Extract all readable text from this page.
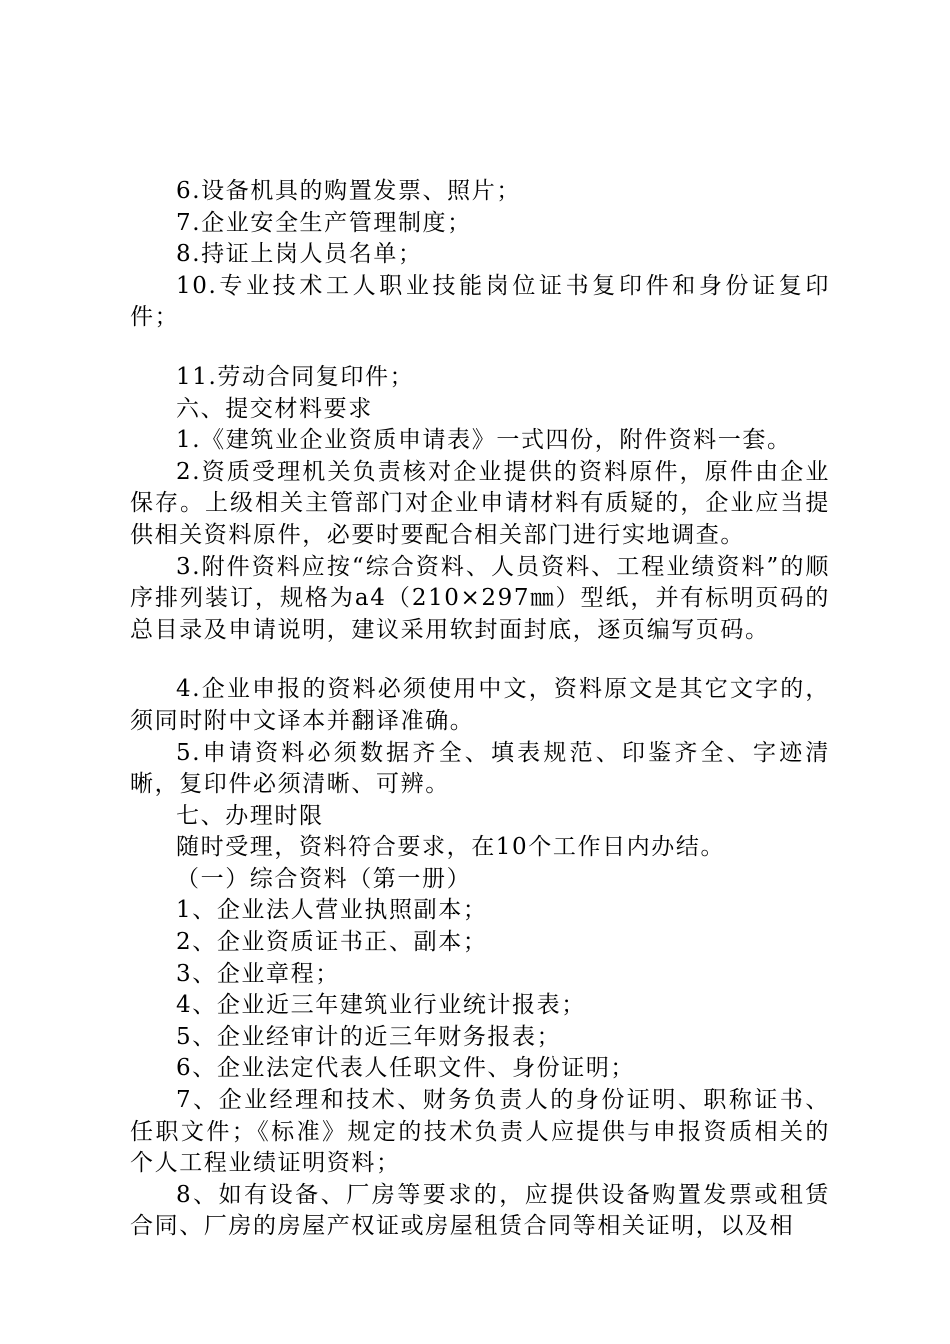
6.设备机具的购置发票、照片；

7.企业安全生产管理制度；

8.持证上岗人员名单；

10.专业技术工人职业技能岗位证书复印件和身份证复印件；

11.劳动合同复印件；

六、提交材料要求

1.《建筑业企业资质申请表》一式四份，附件资料一套。

2.资质受理机关负责核对企业提供的资料原件，原件由企业保存。上级相关主管部门对企业申请材料有质疑的，企业应当提供相关资料原件，必要时要配合相关部门进行实地调查。

3.附件资料应按“综合资料、人员资料、工程业绩资料”的顺序排列装订，规格为a4（210×297㎜）型纸，并有标明页码的总目录及申请说明，建议采用软封面封底，逐页编写页码。

4.企业申报的资料必须使用中文，资料原文是其它文字的，须同时附中文译本并翻译准确。

5.申请资料必须数据齐全、填表规范、印鉴齐全、字迹清晰，复印件必须清晰、可辨。

七、办理时限

随时受理，资料符合要求，在10个工作日内办结。

（一）综合资料（第一册）

1、企业法人营业执照副本；

2、企业资质证书正、副本；

3、企业章程；

4、企业近三年建筑业行业统计报表；

5、企业经审计的近三年财务报表；

6、企业法定代表人任职文件、身份证明；

7、企业经理和技术、财务负责人的身份证明、职称证书、任职文件；《标准》规定的技术负责人应提供与申报资质相关的个人工程业绩证明资料；

8、如有设备、厂房等要求的，应提供设备购置发票或租赁合同、厂房的房屋产权证或房屋租赁合同等相关证明，以及相
